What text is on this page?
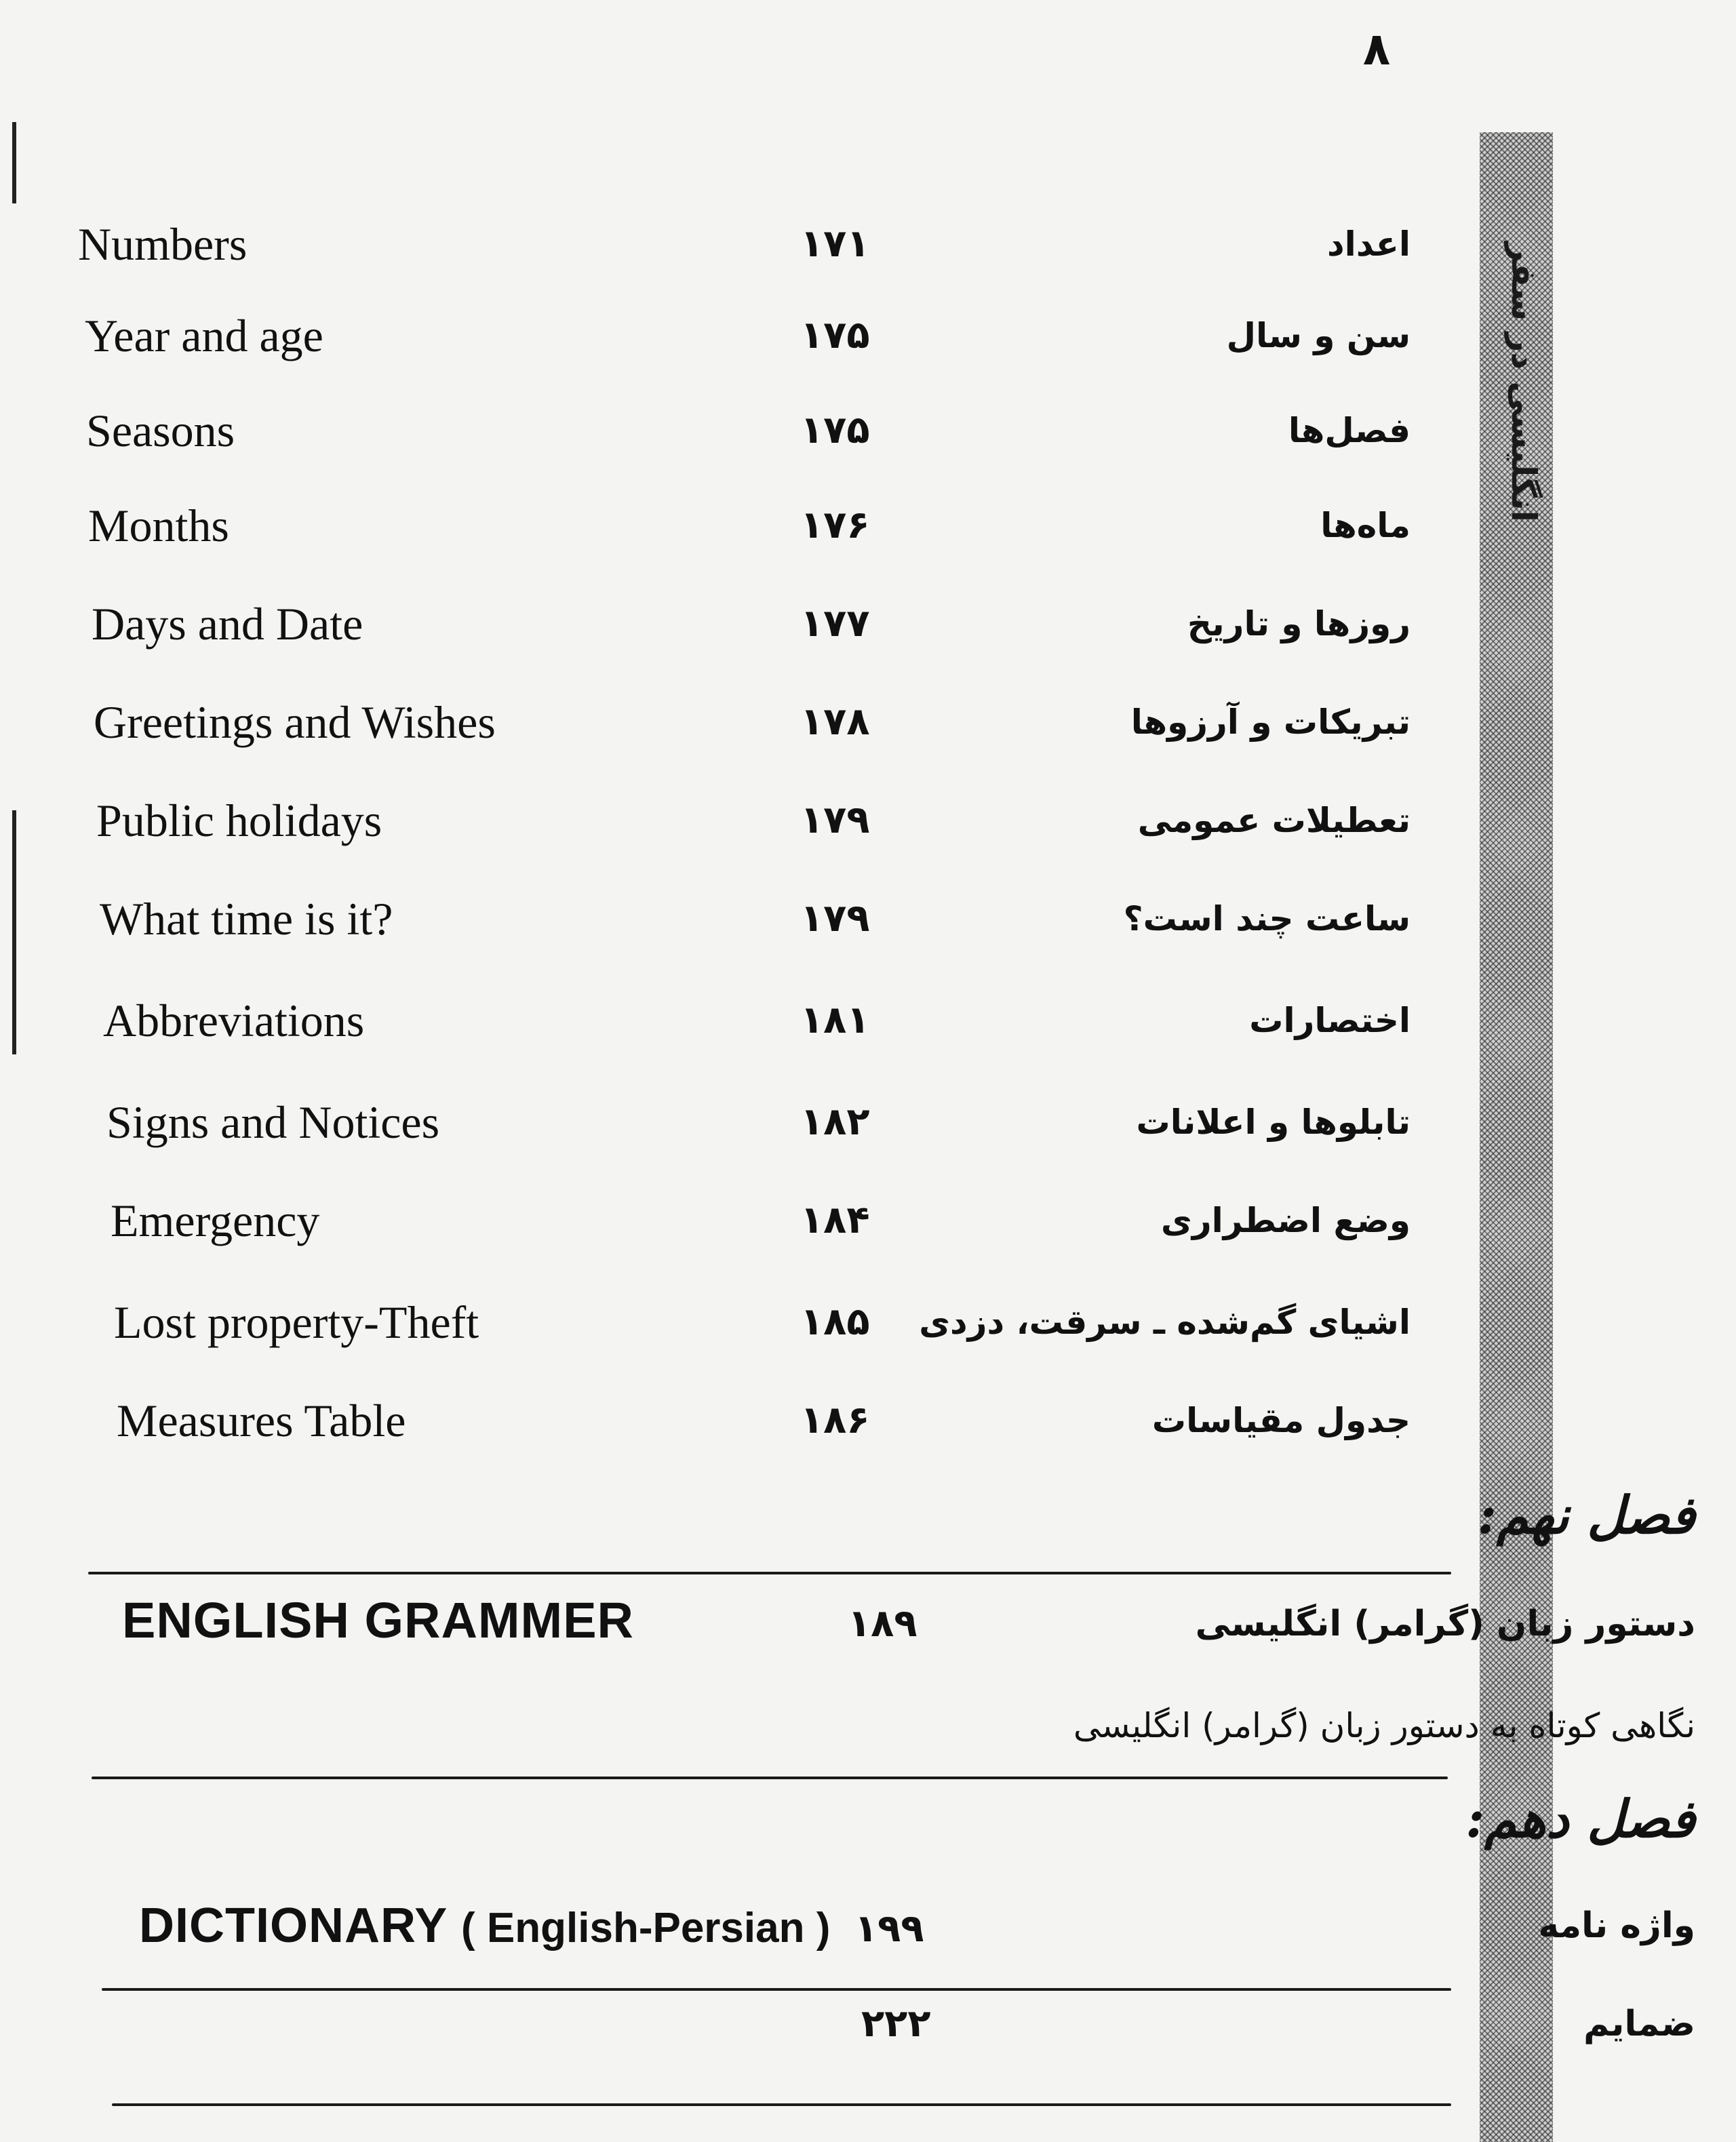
۸
انگلیسی در سفر
Numbers	۱۷۱	اعداد
Year and age	۱۷۵	سن و سال
Seasons	۱۷۵	فصل‌ها
Months	۱۷۶	ماه‌ها
Days and Date	۱۷۷	روزها و تاریخ
Greetings and Wishes	۱۷۸	تبریکات و آرزوها
Public holidays	۱۷۹	تعطیلات عمومی
What time is it?	۱۷۹	ساعت چند است؟
Abbreviations	۱۸۱	اختصارات
Signs and Notices	۱۸۲	تابلوها و اعلانات
Emergency	۱۸۴	وضع اضطراری
Lost property-Theft	۱۸۵	اشیای گم‌شده ـ سرقت، دزدی
Measures Table	۱۸۶	جدول مقیاسات
فصل نهم:
ENGLISH GRAMMER	۱۸۹	دستور زبان (گرامر) انگلیسی
نگاهی کوتاه به دستور زبان (گرامر) انگلیسی
فصل دهم:
DICTIONARY ( English-Persian ) ۱۹۹	واژه نامه
۲۲۲	ضمایم
